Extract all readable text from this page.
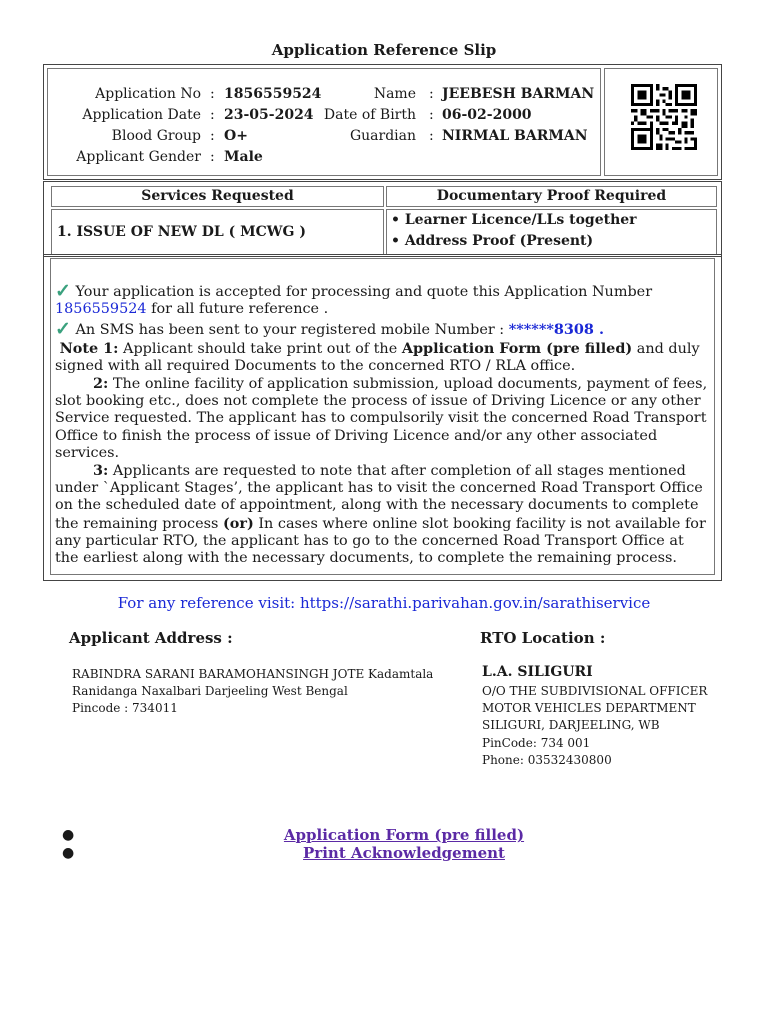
Application Reference Slip
Application No : 1856559524	Name : JEEBESH BARMAN
Application Date : 23-05-2024 Date of Birth : 06-02-2000
Blood Group : O+	Guardian : NIRMAL BARMAN
Applicant Gender : Male
Services Requested	Documentary Proof Required
1. ISSUE OF NEW DL ( MCWG )
• Learner Licence/LLs together
• Address Proof (Present)
✓ Your application is accepted for processing and quote this Application Number 1856559524 for all future reference .
✓ An SMS has been sent to your registered mobile Number : ******8308 .
Note 1: Applicant should take print out of the Application Form (pre filled) and duly signed with all required Documents to the concerned RTO / RLA office.
2: The online facility of application submission, upload documents, payment of fees, slot booking etc., does not complete the process of issue of Driving Licence or any other Service requested. The applicant has to compulsorily visit the concerned Road Transport Office to finish the process of issue of Driving Licence and/or any other associated services.
3: Applicants are requested to note that after completion of all stages mentioned under `Applicant Stages’, the applicant has to visit the concerned Road Transport Office on the scheduled date of appointment, along with the necessary documents to complete the remaining process (or) In cases where online slot booking facility is not available for any particular RTO, the applicant has to go to the concerned Road Transport Office at the earliest along with the necessary documents, to complete the remaining process.
For any reference visit: https://sarathi.parivahan.gov.in/sarathiservice
Applicant Address :	RTO Location :
RABINDRA SARANI BARAMOHANSINGH JOTE Kadamtala
Ranidanga Naxalbari Darjeeling West Bengal
Pincode : 734011
L.A. SILIGURI
O/O THE SUBDIVISIONAL OFFICER
MOTOR VEHICLES DEPARTMENT
SILIGURI, DARJEELING, WB
PinCode: 734 001
Phone: 03532430800
●	Application Form (pre filled)
●	Print Acknowledgement
